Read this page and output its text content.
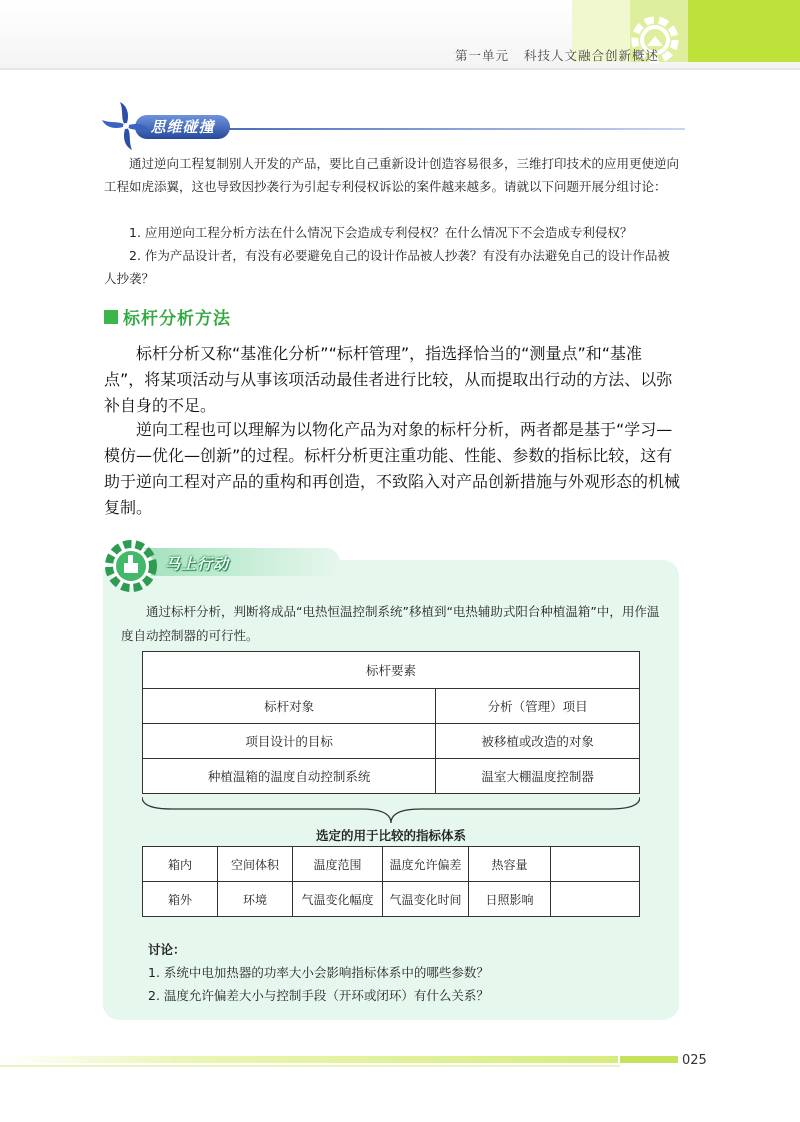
第一单元 科技人文融合创新概述
思维碰撞
通过逆向工程复制别人开发的产品，要比自己重新设计创造容易很多，三维打印技术的应用更使逆向工程如虎添翼，这也导致因抄袭行为引起专利侵权诉讼的案件越来越多。请就以下问题开展分组讨论：
1. 应用逆向工程分析方法在什么情况下会造成专利侵权？在什么情况下不会造成专利侵权？
2. 作为产品设计者，有没有必要避免自己的设计作品被人抄袭？有没有办法避免自己的设计作品被人抄袭？
标杆分析方法
标杆分析又称“基准化分析”“标杆管理”，指选择恰当的“测量点”和“基准点”，将某项活动与从事该项活动最佳者进行比较，从而提取出行动的方法、以弥补自身的不足。
逆向工程也可以理解为以物化产品为对象的标杆分析，两者都是基于“学习—模仿—优化—创新”的过程。标杆分析更注重功能、性能、参数的指标比较，这有助于逆向工程对产品的重构和再创造，不致陷入对产品创新措施与外观形态的机械复制。
马上行动
通过标杆分析，判断将成品“电热恒温控制系统”移植到“电热辅助式阳台种植温箱”中，用作温度自动控制器的可行性。
标杆要素	
标杆对象	分析（管理）项目
项目设计的目标	被移植或改造的对象
种植温箱的温度自动控制系统	温室大棚温度控制器
选定的用于比较的指标体系
箱内	空间体积	温度范围	温度允许偏差	热容量	
箱外	环境	气温变化幅度	气温变化时间	日照影响	
讨论：
1. 系统中电加热器的功率大小会影响指标体系中的哪些参数？
2. 温度允许偏差大小与控制手段（开环或闭环）有什么关系？
025
